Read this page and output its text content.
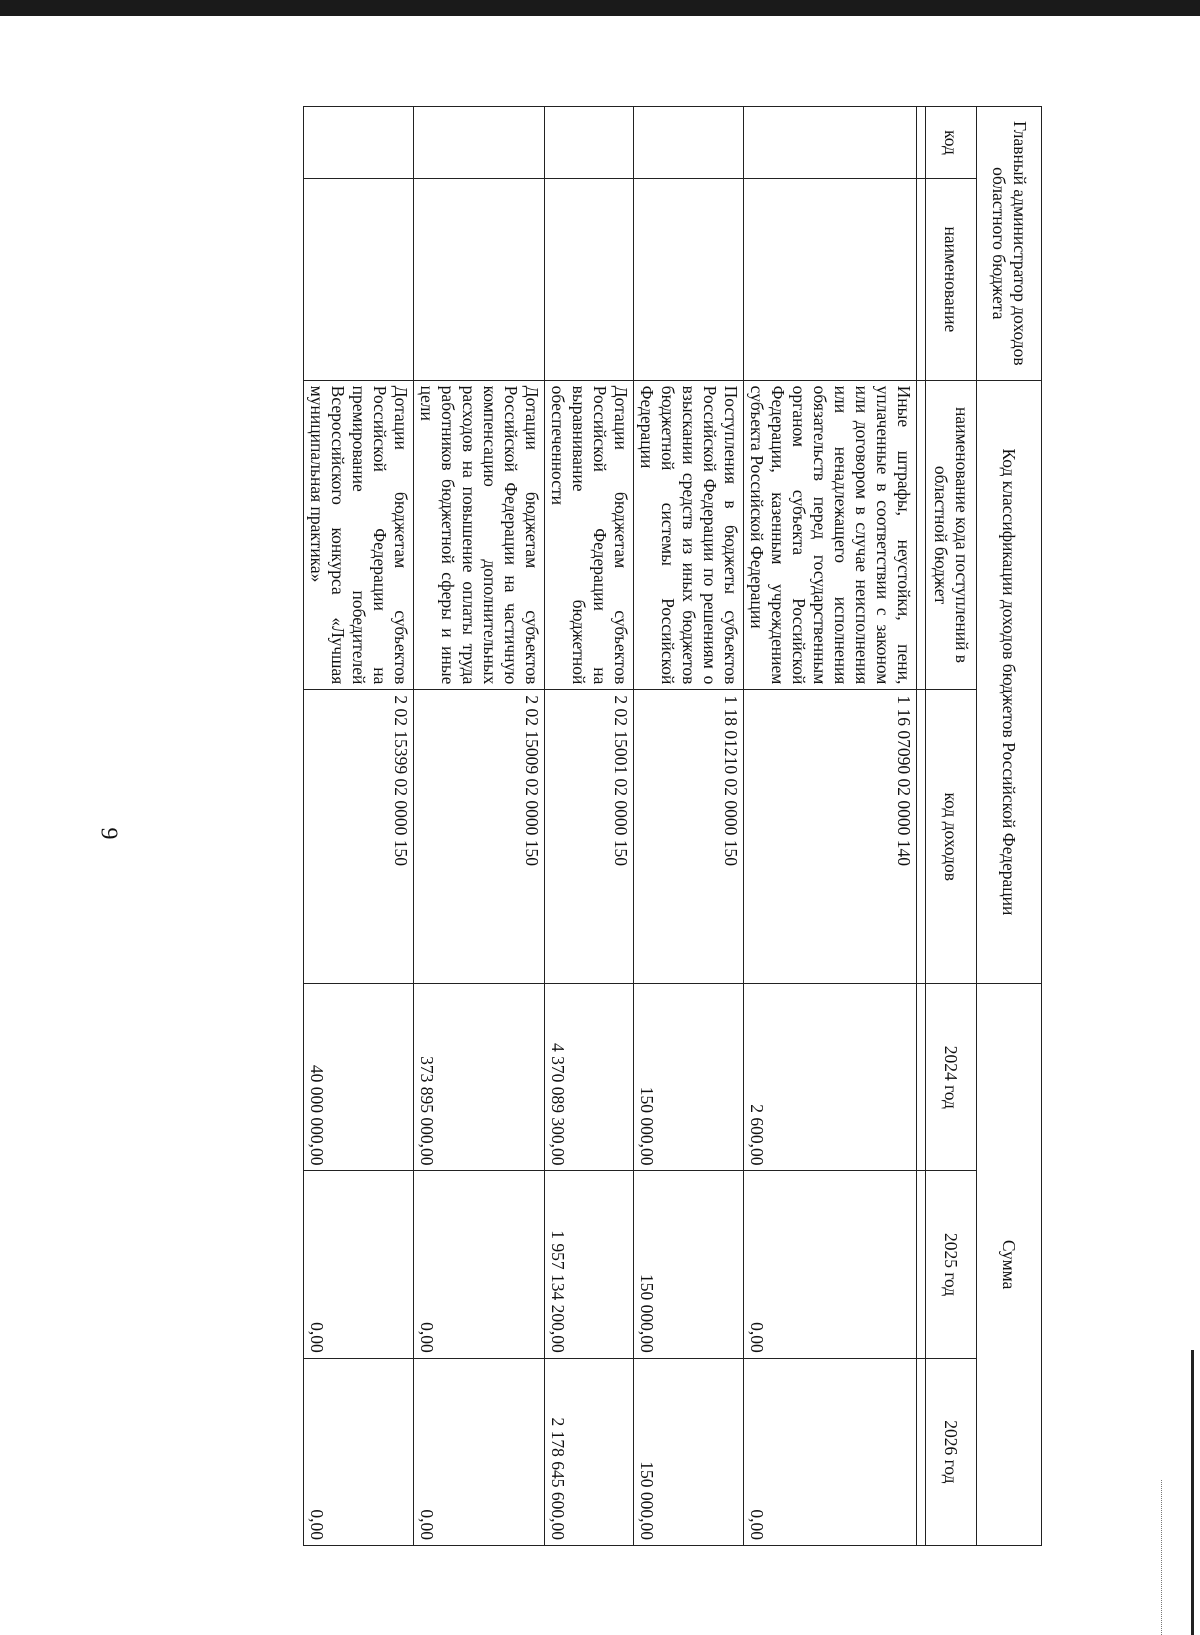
9
Главный администратор доходов областного бюджета		Код классификации доходов бюджетов Российской Федерации		Сумма		
код	наименование	наименование кода поступлений в областной бюджет	код доходов	2024 год	2025 год	2026 год

		Иные штрафы, неустойки, пени, уплаченные в соответствии с законом или договором в случае неисполнения или ненадлежащего исполнения обязательств перед государственным органом субъекта Российской Федерации, казенным учреждением субъекта Российской Федерации	1 16 07090 02 0000 140	2 600,00	0,00	0,00
		Поступления в бюджеты субъектов Российской Федерации по решениям о взыскании средств из иных бюджетов бюджетной системы Российской Федерации	1 18 01210 02 0000 150	150 000,00	150 000,00	150 000,00
		Дотации бюджетам субъектов Российской Федерации на выравнивание бюджетной обеспеченности	2 02 15001 02 0000 150	4 370 089 300,00	1 957 134 200,00	2 178 645 600,00
		Дотации бюджетам субъектов Российской Федерации на частичную компенсацию дополнительных расходов на повышение оплаты труда работников бюджетной сферы и иные цели	2 02 15009 02 0000 150	373 895 000,00	0,00	0,00
		Дотации бюджетам субъектов Российской Федерации на премирование победителей Всероссийского конкурса «Лучшая муниципальная практика»	2 02 15399 02 0000 150	40 000 000,00	0,00	0,00
